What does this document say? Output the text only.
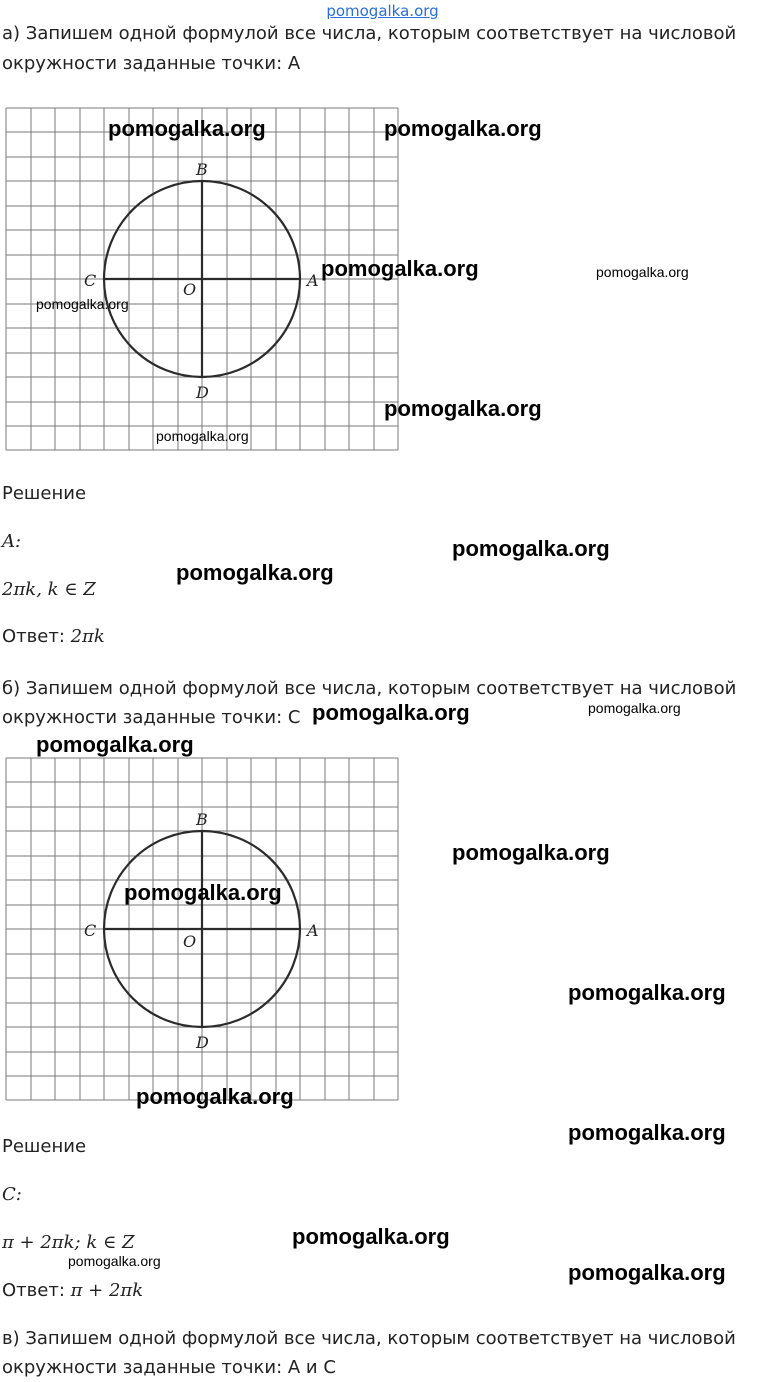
pomogalka.org
а) Запишем одной формулой все числа, которым соответствует на числовой
окружности заданные точки: A
B
C	O	A
D
Решение
A:
2πk, k ∈ Z
Ответ: 2πk
б) Запишем одной формулой все числа, которым соответствует на числовой
окружности заданные точки: C
B
C
O
A
D
Решение
C:
π + 2πk; k ∈ Z
Ответ: π + 2πk
в) Запишем одной формулой все числа, которым соответствует на числовой
окружности заданные точки: A и C
pomogalka.org	pomogalka.org
pomogalka.org	pomogalka.org
pomogalka.org
pomogalka.org
pomogalka.org
pomogalka.org
pomogalka.org
pomogalka.org	pomogalka.org
pomogalka.org
pomogalka.org
pomogalka.org
pomogalka.org
pomogalka.org
pomogalka.org
pomogalka.org
pomogalka.org	pomogalka.org
